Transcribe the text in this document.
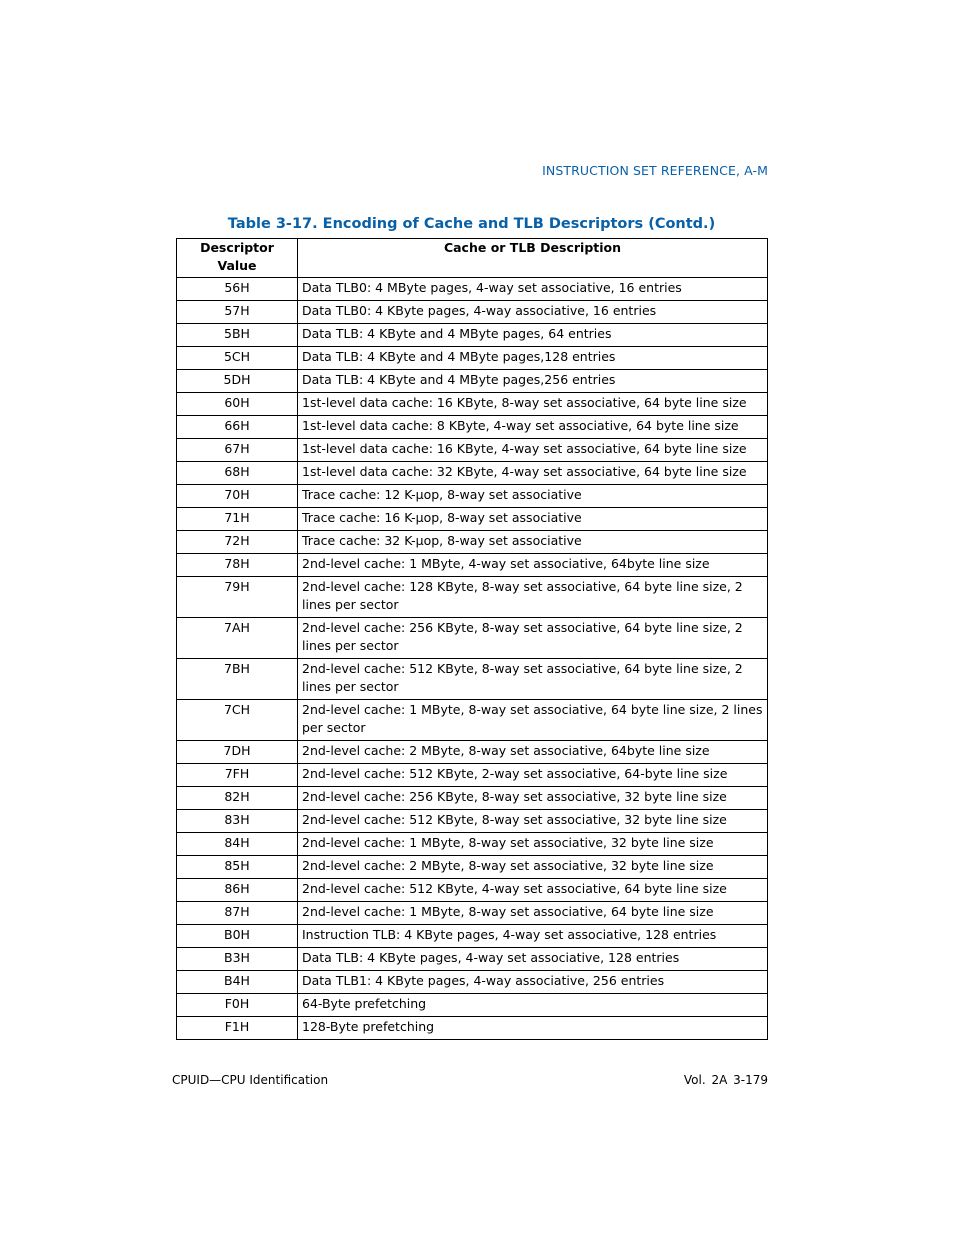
INSTRUCTION SET REFERENCE, A-M
Table 3-17. Encoding of Cache and TLB Descriptors (Contd.)
Descriptor Value	Cache or TLB Description
56H	Data TLB0: 4 MByte pages, 4-way set associative, 16 entries
57H	Data TLB0: 4 KByte pages, 4-way associative, 16 entries
5BH	Data TLB: 4 KByte and 4 MByte pages, 64 entries
5CH	Data TLB: 4 KByte and 4 MByte pages,128 entries
5DH	Data TLB: 4 KByte and 4 MByte pages,256 entries
60H	1st-level data cache: 16 KByte, 8-way set associative, 64 byte line size
66H	1st-level data cache: 8 KByte, 4-way set associative, 64 byte line size
67H	1st-level data cache: 16 KByte, 4-way set associative, 64 byte line size
68H	1st-level data cache: 32 KByte, 4-way set associative, 64 byte line size
70H	Trace cache: 12 K-μop, 8-way set associative
71H	Trace cache: 16 K-μop, 8-way set associative
72H	Trace cache: 32 K-μop, 8-way set associative
78H	2nd-level cache: 1 MByte, 4-way set associative, 64byte line size
79H	2nd-level cache: 128 KByte, 8-way set associative, 64 byte line size, 2 lines per sector
7AH	2nd-level cache: 256 KByte, 8-way set associative, 64 byte line size, 2 lines per sector
7BH	2nd-level cache: 512 KByte, 8-way set associative, 64 byte line size, 2 lines per sector
7CH	2nd-level cache: 1 MByte, 8-way set associative, 64 byte line size, 2 lines per sector
7DH	2nd-level cache: 2 MByte, 8-way set associative, 64byte line size
7FH	2nd-level cache: 512 KByte, 2-way set associative, 64-byte line size
82H	2nd-level cache: 256 KByte, 8-way set associative, 32 byte line size
83H	2nd-level cache: 512 KByte, 8-way set associative, 32 byte line size
84H	2nd-level cache: 1 MByte, 8-way set associative, 32 byte line size
85H	2nd-level cache: 2 MByte, 8-way set associative, 32 byte line size
86H	2nd-level cache: 512 KByte, 4-way set associative, 64 byte line size
87H	2nd-level cache: 1 MByte, 8-way set associative, 64 byte line size
B0H	Instruction TLB: 4 KByte pages, 4-way set associative, 128 entries
B3H	Data TLB: 4 KByte pages, 4-way set associative, 128 entries
B4H	Data TLB1: 4 KByte pages, 4-way associative, 256 entries
F0H	64-Byte prefetching
F1H	128-Byte prefetching
CPUID—CPU Identification	Vol. 2A 3-179
